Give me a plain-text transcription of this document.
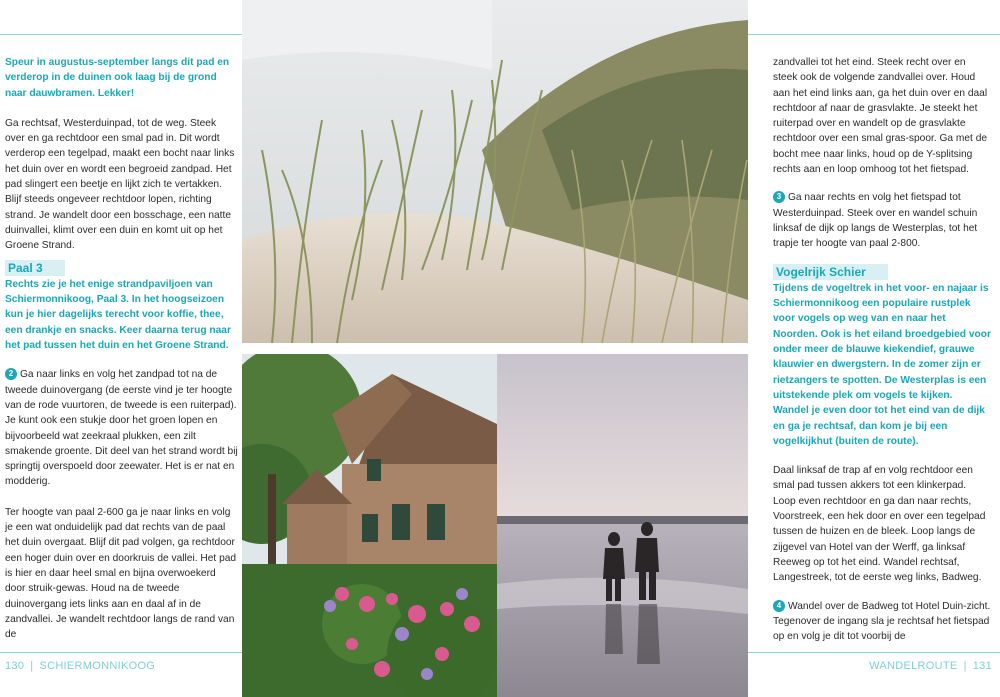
Speur in augustus-september langs dit pad en verderop in de duinen ook laag bij de grond naar dauwbramen. Lekker!

Ga rechtsaf, Westerduinpad, tot de weg. Steek over en ga rechtdoor een smal pad in. Dit wordt verderop een tegelpad, maakt een bocht naar links het duin over en wordt een begroeid zandpad. Het pad slingert een beetje en lijkt zich te vertakken. Blijf steeds ongeveer rechtdoor lopen, richting strand. Je wandelt door een bosschage, een natte duinvallei, klimt over een duin en komt uit op het Groene Strand.

Paal 3
Rechts zie je het enige strandpaviljoen van Schiermonnikoog, Paal 3. In het hoogseizoen kun je hier dagelijks terecht voor koffie, thee, een drankje en snacks. Keer daarna terug naar het pad tussen het duin en het Groene Strand.

2 Ga naar links en volg het zandpad tot na de tweede duinovergang (de eerste vind je ter hoogte van de rode vuurtoren, de tweede is een ruiterpad). Je kunt ook een stukje door het groen lopen en bijvoorbeeld wat zeekraal plukken, een zilt smakende groente. Dit deel van het strand wordt bij springtij overspoeld door zeewater. Het is er nat en modderig.

Ter hoogte van paal 2-600 ga je naar links en volg je een wat onduidelijk pad dat rechts van de paal het duin overgaat. Blijf dit pad volgen, ga rechtdoor een hoger duin over en doorkruis de vallei. Het pad is hier en daar heel smal en bijna overwoekerd door struik-gewas. Houd na de tweede duinovergang iets links aan en daal af in de zandvallei. Je wandelt rechtdoor langs de rand van de

zandvallei tot het eind. Steek recht over en steek ook de volgende zandvallei over. Houd aan het eind links aan, ga het duin over en daal rechtdoor af naar de grasvlakte. Je steekt het ruiterpad over en wandelt op de grasvlakte rechtdoor over een smal gras-spoor. Ga met de bocht mee naar links, houd op de Y-splitsing rechts aan en loop omhoog tot het fietspad.

3 Ga naar rechts en volg het fietspad tot Westerduinpad. Steek over en wandel schuin linksaf de dijk op langs de Westerplas, tot het trapje ter hoogte van paal 2-800.

Vogelrijk Schier
Tijdens de vogeltrek in het voor- en najaar is Schiermonnikoog een populaire rustplek voor vogels op weg van en naar het Noorden. Ook is het eiland broedgebied voor onder meer de blauwe kiekendief, grauwe klauwier en dwergstern. In de zomer zijn er rietzangers te spotten. De Westerplas is een uitstekende plek om vogels te kijken. Wandel je even door tot het eind van de dijk en ga je rechtsaf, dan kom je bij een vogelkijkhut (buiten de route).

Daal linksaf de trap af en volg rechtdoor een smal pad tussen akkers tot een klinkerpad. Loop even rechtdoor en ga dan naar rechts, Voorstreek, een hek door en over een tegelpad tussen de huizen en de bleek. Loop langs de zijgevel van Hotel van der Werff, ga linksaf Reeweg op tot het eind. Wandel rechtsaf, Langestreek, tot de eerste weg links, Badweg.

4 Wandel over de Badweg tot Hotel Duin-zicht. Tegenover de ingang sla je rechtsaf het fietspad op en volg je dit tot voorbij de

130 | SCHIERMONNIKOOG	WANDELROUTE | 131
